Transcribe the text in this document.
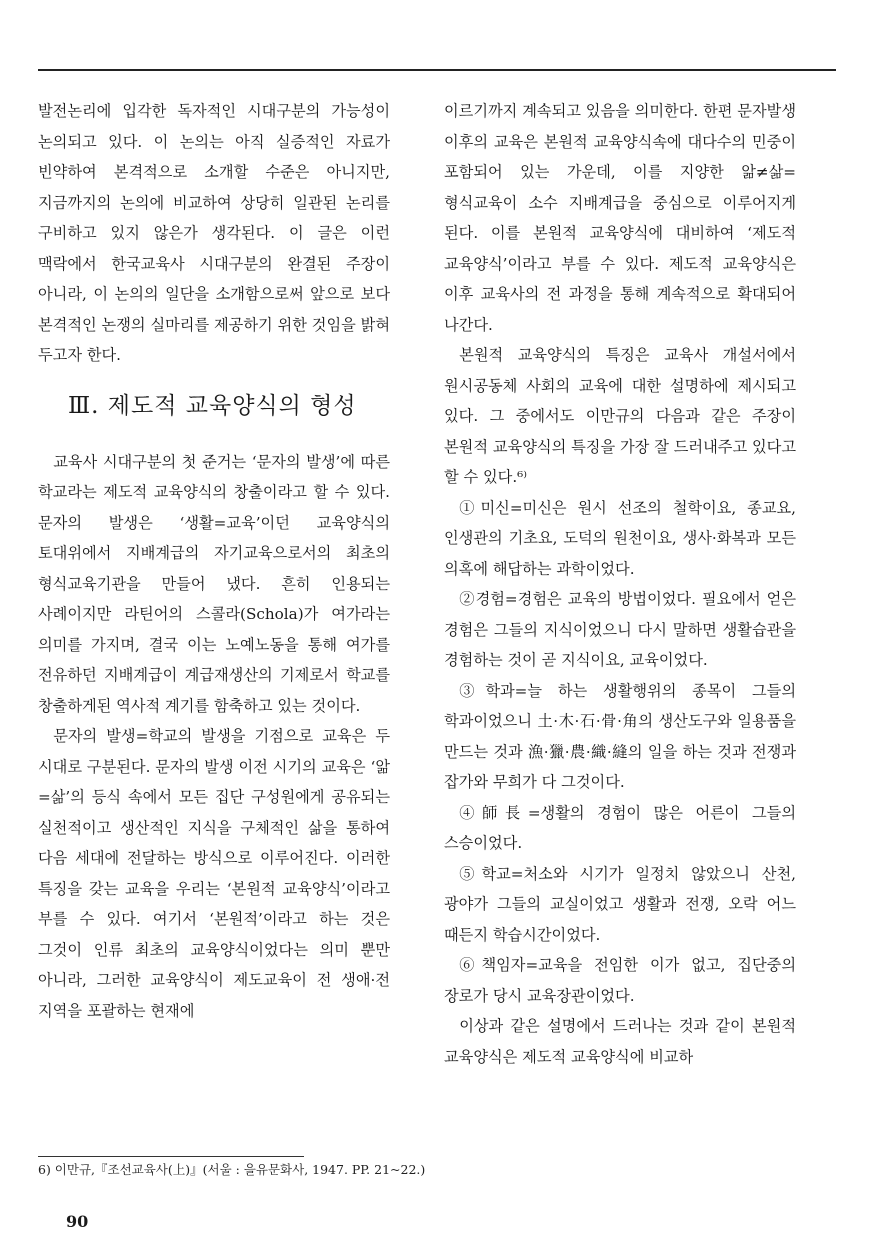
발전논리에 입각한 독자적인 시대구분의 가능성이 논의되고 있다. 이 논의는 아직 실증적인 자료가 빈약하여 본격적으로 소개할 수준은 아니지만, 지금까지의 논의에 비교하여 상당히 일관된 논리를 구비하고 있지 않은가 생각된다. 이 글은 이런 맥락에서 한국교육사 시대구분의 완결된 주장이 아니라, 이 논의의 일단을 소개함으로써 앞으로 보다 본격적인 논쟁의 실마리를 제공하기 위한 것임을 밝혀 두고자 한다.

Ⅲ. 제도적 교육양식의 형성

교육사 시대구분의 첫 준거는 ‘문자의 발생’에 따른 학교라는 제도적 교육양식의 창출이라고 할 수 있다. 문자의 발생은 ‘생활=교육’이던 교육양식의 토대위에서 지배계급의 자기교육으로서의 최초의 형식교육기관을 만들어 냈다. 흔히 인용되는 사례이지만 라틴어의 스콜라(Schola)가 여가라는 의미를 가지며, 결국 이는 노예노동을 통해 여가를 전유하던 지배계급이 계급재생산의 기제로서 학교를 창출하게된 역사적 계기를 함축하고 있는 것이다.

문자의 발생=학교의 발생을 기점으로 교육은 두 시대로 구분된다. 문자의 발생 이전 시기의 교육은 ‘앎=삶’의 등식 속에서 모든 집단 구성원에게 공유되는 실천적이고 생산적인 지식을 구체적인 삶을 통하여 다음 세대에 전달하는 방식으로 이루어진다. 이러한 특징을 갖는 교육을 우리는 ‘본원적 교육양식’이라고 부를 수 있다. 여기서 ‘본원적’이라고 하는 것은 그것이 인류 최초의 교육양식이었다는 의미 뿐만 아니라, 그러한 교육양식이 제도교육이 전 생애·전 지역을 포괄하는 현재에

이르기까지 계속되고 있음을 의미한다. 한편 문자발생 이후의 교육은 본원적 교육양식속에 대다수의 민중이 포함되어 있는 가운데, 이를 지양한 앎≠삶=형식교육이 소수 지배계급을 중심으로 이루어지게 된다. 이를 본원적 교육양식에 대비하여 ‘제도적 교육양식’이라고 부를 수 있다. 제도적 교육양식은 이후 교육사의 전 과정을 통해 계속적으로 확대되어 나간다.

본원적 교육양식의 특징은 교육사 개설서에서 원시공동체 사회의 교육에 대한 설명하에 제시되고 있다. 그 중에서도 이만규의 다음과 같은 주장이 본원적 교육양식의 특징을 가장 잘 드러내주고 있다고 할 수 있다.⁶⁾

①미신=미신은 원시 선조의 철학이요, 종교요, 인생관의 기초요, 도덕의 원천이요, 생사·화복과 모든 의혹에 해답하는 과학이었다.

②경험=경험은 교육의 방법이었다. 필요에서 얻은 경험은 그들의 지식이었으니 다시 말하면 생활습관을 경험하는 것이 곧 지식이요, 교육이었다.

③학과=늘 하는 생활행위의 종목이 그들의 학과이었으니 土·木·石·骨·角의 생산도구와 일용품을 만드는 것과 漁·獵·農·織·縫의 일을 하는 것과 전쟁과 잡가와 무희가 다 그것이다.

④師長=생활의 경험이 많은 어른이 그들의 스승이었다.

⑤학교=처소와 시기가 일정치 않았으니 산천, 광야가 그들의 교실이었고 생활과 전쟁, 오락 어느 때든지 학습시간이었다.

⑥책임자=교육을 전임한 이가 없고, 집단중의 장로가 당시 교육장관이었다.

이상과 같은 설명에서 드러나는 것과 같이 본원적 교육양식은 제도적 교육양식에 비교하

6) 이만규,『조선교육사(上)』(서울 : 을유문화사, 1947. PP. 21~22.)
90
